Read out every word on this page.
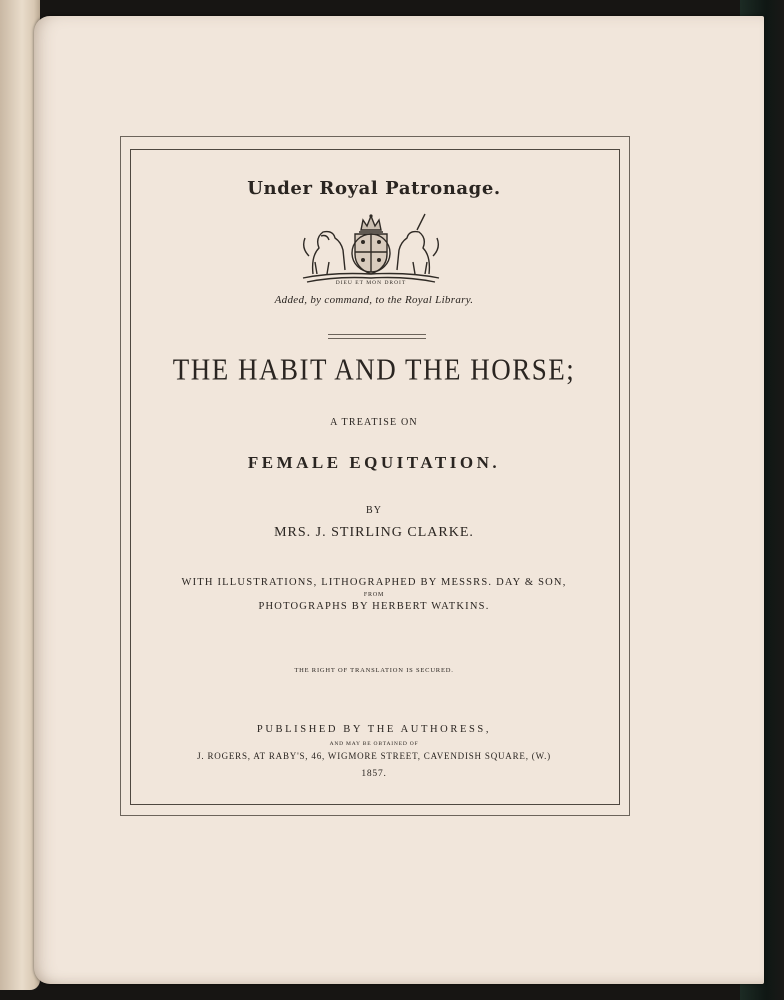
Under Royal Patronage.
DIEU ET MON DROIT
Added, by command, to the Royal Library.
THE HABIT AND THE HORSE;
A TREATISE ON
FEMALE EQUITATION.
BY
MRS. J. STIRLING CLARKE.
WITH ILLUSTRATIONS, LITHOGRAPHED BY MESSRS. DAY & SON,
FROM
PHOTOGRAPHS BY HERBERT WATKINS.
THE RIGHT OF TRANSLATION IS SECURED.
PUBLISHED BY THE AUTHORESS,
AND MAY BE OBTAINED OF
J. ROGERS, AT RABY'S, 46, WIGMORE STREET, CAVENDISH SQUARE, (W.)
1857.
